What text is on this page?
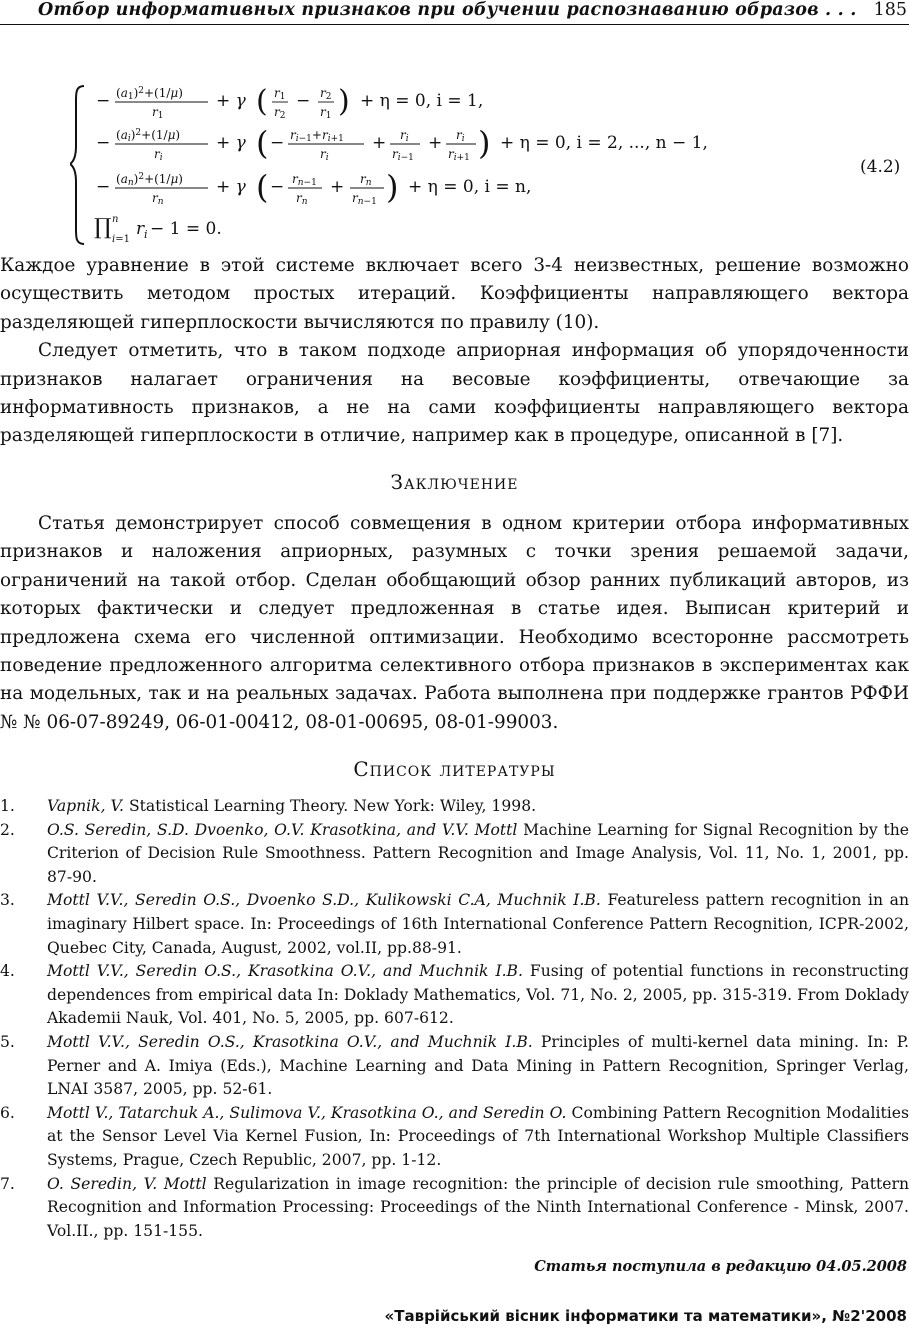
Отбор информативных признаков при обучении распознаванию образов . . . 185
− $(a1)^2+(1/\mu)$
r1
+ γ ( r1
r2
− r2
r1 ) + η = 0, i = 1,
− (ai)$^2$+(1/μ)
ri
+ γ ( − ri−1+ri+1
ri
+ ri
ri−1
+ ri
ri+1 ) + η = 0, i = 2, ..., n − 1,
− (an)$^2$+(1/μ)
rn
+ γ ( − rn−1
rn
+ rn
rn−1 ) + η = 0, i = n,
∏ n
i=1
r i − 1 = 0.
(4.2)

Каждое уравнение в этой системе включает всего 3-4 неизвестных, решение возможно осуществить методом простых итераций. Коэффициенты направляющего вектора разделяющей гиперплоскости вычисляются по правилу (10).

Следует отметить, что в таком подходе априорная информация об упорядоченности признаков налагает ограничения на весовые коэффициенты, отвечающие за информативность признаков, а не на сами коэффициенты направляющего вектора разделяющей гиперплоскости в отличие, например как в процедуре, описанной в [7].

Заключение

Статья демонстрирует способ совмещения в одном критерии отбора информативных признаков и наложения априорных, разумных с точки зрения решаемой задачи, ограничений на такой отбор. Сделан обобщающий обзор ранних публикаций авторов, из которых фактически и следует предложенная в статье идея. Выписан критерий и предложена схема его численной оптимизации. Необходимо всесторонне рассмотреть поведение предложенного алгоритма селективного отбора признаков в экспериментах как на модельных, так и на реальных задачах. Работа выполнена при поддержке грантов РФФИ № № 06-07-89249, 06-01-00412, 08-01-00695, 08-01-99003.

Список литературы

1. Vapnik, V. Statistical Learning Theory. New York: Wiley, 1998.

2. O.S. Seredin, S.D. Dvoenko, O.V. Krasotkina, and V.V. Mottl Machine Learning for Signal Recognition by the Criterion of Decision Rule Smoothness. Pattern Recognition and Image Analysis, Vol. 11, No. 1, 2001, pp. 87-90.

3. Mottl V.V., Seredin O.S., Dvoenko S.D., Kulikowski C.A, Muchnik I.B. Featureless pattern recognition in an imaginary Hilbert space. In: Proceedings of 16th International Conference Pattern Recognition, ICPR-2002, Quebec City, Canada, August, 2002, vol.II, pp.88-91.

4. Mottl V.V., Seredin O.S., Krasotkina O.V., and Muchnik I.B. Fusing of potential functions in reconstructing dependences from empirical data In: Doklady Mathematics, Vol. 71, No. 2, 2005, pp. 315-319. From Doklady Akademii Nauk, Vol. 401, No. 5, 2005, pp. 607-612.

5. Mottl V.V., Seredin O.S., Krasotkina O.V., and Muchnik I.B. Principles of multi-kernel data mining. In: P. Perner and A. Imiya (Eds.), Machine Learning and Data Mining in Pattern Recognition, Springer Verlag, LNAI 3587, 2005, pp. 52-61.

6. Mottl V., Tatarchuk A., Sulimova V., Krasotkina O., and Seredin O. Combining Pattern Recognition Modalities at the Sensor Level Via Kernel Fusion, In: Proceedings of 7th International Workshop Multiple Classifiers Systems, Prague, Czech Republic, 2007, pp. 1-12.

7. O. Seredin, V. Mottl Regularization in image recognition: the principle of decision rule smoothing, Pattern Recognition and Information Processing: Proceedings of the Ninth International Conference - Minsk, 2007. Vol.II., pp. 151-155.

Статья поступила в редакцию 04.05.2008
«Таврійський вісник інформатики та математики», №2'2008
